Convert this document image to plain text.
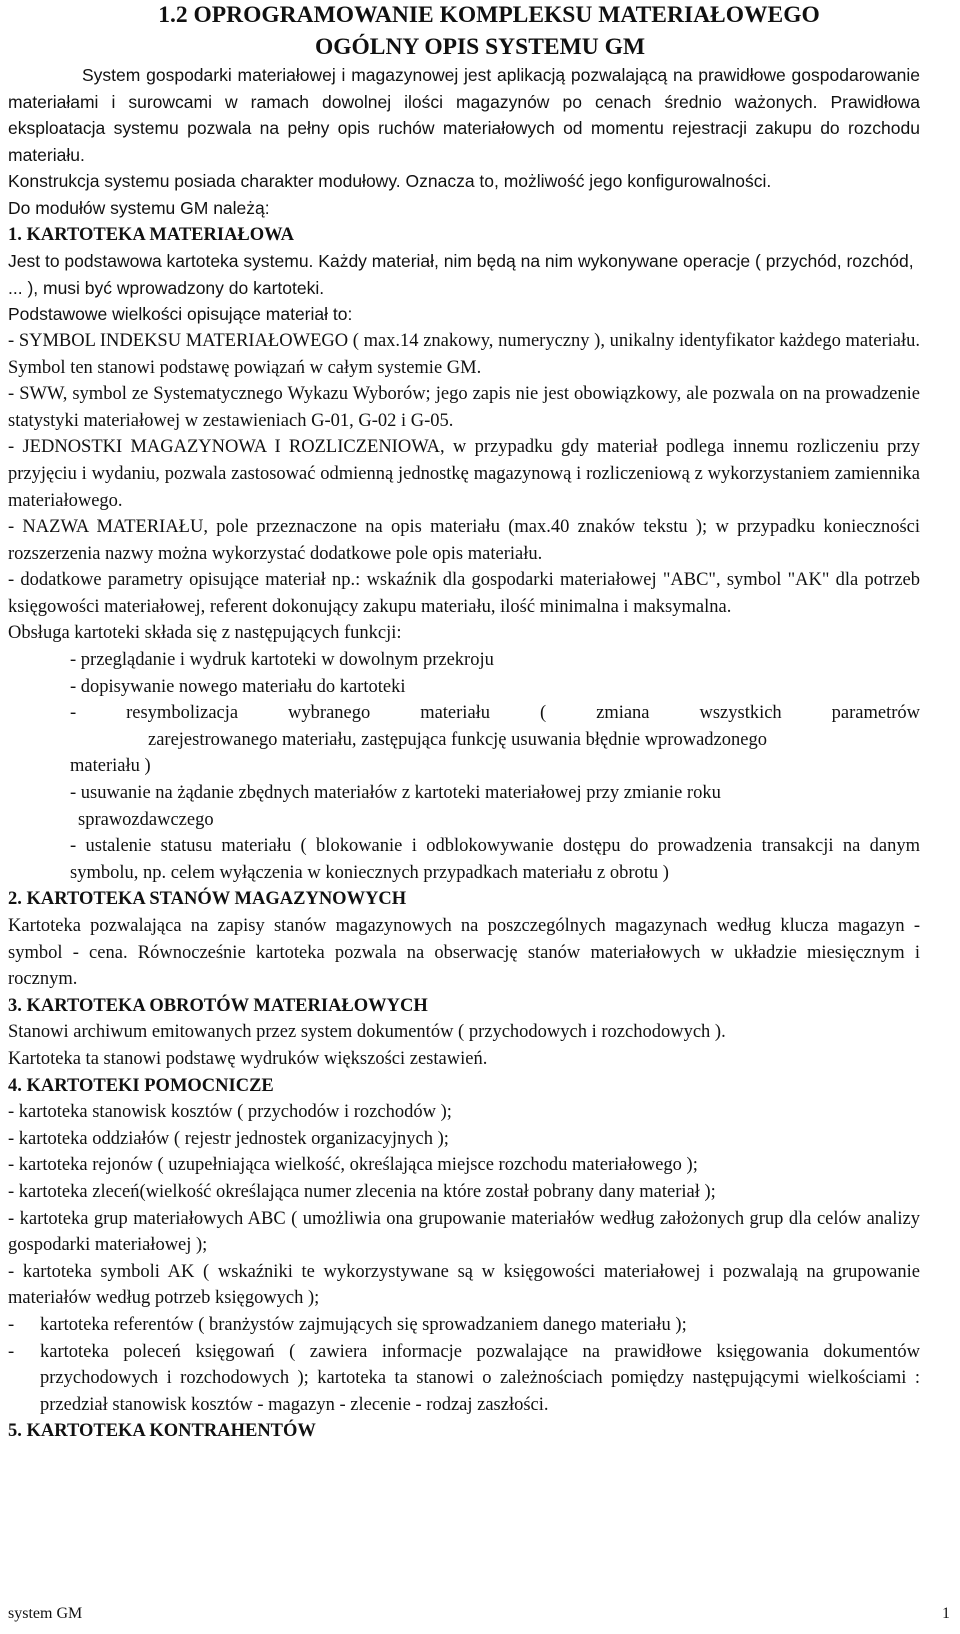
1.2 OPROGRAMOWANIE KOMPLEKSU MATERIAŁOWEGO
OGÓLNY OPIS SYSTEMU GM

System gospodarki materiałowej i magazynowej jest aplikacją pozwalającą na prawidłowe gospodarowanie materiałami i surowcami w ramach dowolnej ilości magazynów po cenach średnio ważonych. Prawidłowa eksploatacja systemu pozwala na pełny opis ruchów materiałowych od momentu rejestracji zakupu do rozchodu materiału.

Konstrukcja systemu posiada charakter modułowy. Oznacza to, możliwość jego konfigurowalności.

Do modułów systemu GM należą:

1. KARTOTEKA MATERIAŁOWA

Jest to podstawowa kartoteka systemu. Każdy materiał, nim będą na nim wykonywane operacje ( przychód, rozchód, ... ), musi być wprowadzony do kartoteki.

Podstawowe wielkości opisujące materiał to:

- SYMBOL INDEKSU MATERIAŁOWEGO ( max.14 znakowy, numeryczny ), unikalny identyfikator każdego materiału. Symbol ten stanowi podstawę powiązań w całym systemie GM.

- SWW, symbol ze Systematycznego Wykazu Wyborów; jego zapis nie jest obowiązkowy, ale pozwala on na prowadzenie statystyki materiałowej w zestawieniach G-01, G-02 i G-05.

- JEDNOSTKI MAGAZYNOWA I ROZLICZENIOWA, w przypadku gdy materiał podlega innemu rozliczeniu przy przyjęciu i wydaniu, pozwala zastosować odmienną jednostkę magazynową i rozliczeniową z wykorzystaniem zamiennika materiałowego.

- NAZWA MATERIAŁU, pole przeznaczone na opis materiału (max.40 znaków tekstu ); w przypadku konieczności rozszerzenia nazwy można wykorzystać dodatkowe pole opis materiału.

- dodatkowe parametry opisujące materiał np.: wskaźnik dla gospodarki materiałowej "ABC", symbol "AK" dla potrzeb księgowości materiałowej, referent dokonujący zakupu materiału, ilość minimalna i maksymalna.

Obsługa kartoteki składa się z następujących funkcji:

- przeglądanie i wydruk kartoteki w dowolnym przekroju

- dopisywanie nowego materiału do kartoteki

- resymbolizacja wybranego materiału ( zmiana wszystkich parametrów

zarejestrowanego materiału, zastępująca funkcję usuwania błędnie wprowadzonego

materiału )

- usuwanie na żądanie zbędnych materiałów z kartoteki materiałowej przy zmianie roku

sprawozdawczego

- ustalenie statusu materiału ( blokowanie i odblokowywanie dostępu do prowadzenia transakcji na danym symbolu, np. celem wyłączenia w koniecznych przypadkach materiału z obrotu )

2. KARTOTEKA STANÓW MAGAZYNOWYCH

Kartoteka pozwalająca na zapisy stanów magazynowych na poszczególnych magazynach według klucza magazyn - symbol - cena. Równocześnie kartoteka pozwala na obserwację stanów materiałowych w układzie miesięcznym i rocznym.

3. KARTOTEKA OBROTÓW MATERIAŁOWYCH

Stanowi archiwum emitowanych przez system dokumentów ( przychodowych i rozchodowych ).

Kartoteka ta stanowi podstawę wydruków większości zestawień.

4. KARTOTEKI POMOCNICZE

- kartoteka stanowisk kosztów ( przychodów i rozchodów );

- kartoteka oddziałów ( rejestr jednostek organizacyjnych );

- kartoteka rejonów ( uzupełniająca wielkość, określająca miejsce rozchodu materiałowego );

- kartoteka zleceń(wielkość określająca numer zlecenia na które został pobrany dany materiał );

- kartoteka grup materiałowych ABC ( umożliwia ona grupowanie materiałów według założonych grup dla celów analizy gospodarki materiałowej );

- kartoteka symboli AK ( wskaźniki te wykorzystywane są w księgowości materiałowej i pozwalają na grupowanie materiałów według potrzeb księgowych );

-	kartoteka referentów ( branżystów zajmujących się sprowadzaniem danego materiału );
-	kartoteka poleceń księgowań ( zawiera informacje pozwalające na prawidłowe księgowania dokumentów przychodowych i rozchodowych ); kartoteka ta stanowi o zależnościach pomiędzy następującymi wielkościami : przedział stanowisk kosztów - magazyn - zlecenie - rodzaj zaszłości.

5. KARTOTEKA KONTRAHENTÓW

system GM	1
